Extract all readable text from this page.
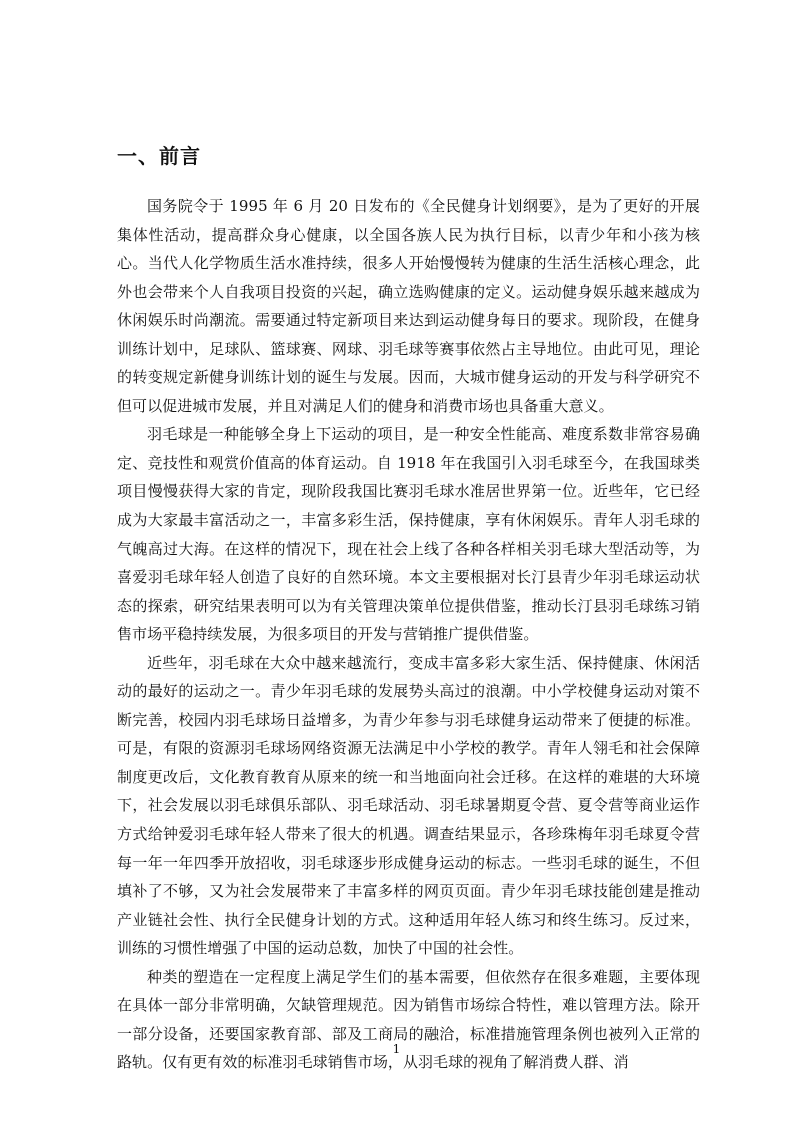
一、前言

国务院令于 1995 年 6 月 20 日发布的《全民健身计划纲要》，是为了更好的开展集体性活动，提高群众身心健康，以全国各族人民为执行目标，以青少年和小孩为核心。当代人化学物质生活水准持续，很多人开始慢慢转为健康的生活生活核心理念，此外也会带来个人自我项目投资的兴起，确立选购健康的定义。运动健身娱乐越来越成为休闲娱乐时尚潮流。需要通过特定新项目来达到运动健身每日的要求。现阶段，在健身训练计划中，足球队、篮球赛、网球、羽毛球等赛事依然占主导地位。由此可见，理论的转变规定新健身训练计划的诞生与发展。因而，大城市健身运动的开发与科学研究不但可以促进城市发展，并且对满足人们的健身和消费市场也具备重大意义。

羽毛球是一种能够全身上下运动的项目，是一种安全性能高、难度系数非常容易确定、竞技性和观赏价值高的体育运动。自 1918 年在我国引入羽毛球至今，在我国球类项目慢慢获得大家的肯定，现阶段我国比赛羽毛球水准居世界第一位。近些年，它已经成为大家最丰富活动之一，丰富多彩生活，保持健康，享有休闲娱乐。青年人羽毛球的气魄高过大海。在这样的情况下，现在社会上线了各种各样相关羽毛球大型活动等，为喜爱羽毛球年轻人创造了良好的自然环境。本文主要根据对长汀县青少年羽毛球运动状态的探索，研究结果表明可以为有关管理决策单位提供借鉴，推动长汀县羽毛球练习销售市场平稳持续发展，为很多项目的开发与营销推广提供借鉴。

近些年，羽毛球在大众中越来越流行，变成丰富多彩大家生活、保持健康、休闲活动的最好的运动之一。青少年羽毛球的发展势头高过的浪潮。中小学校健身运动对策不断完善，校园内羽毛球场日益增多，为青少年参与羽毛球健身运动带来了便捷的标准。可是，有限的资源羽毛球场网络资源无法满足中小学校的教学。青年人翎毛和社会保障制度更改后，文化教育教育从原来的统一和当地面向社会迁移。在这样的难堪的大环境下，社会发展以羽毛球俱乐部队、羽毛球活动、羽毛球暑期夏令营、夏令营等商业运作方式给钟爱羽毛球年轻人带来了很大的机遇。调查结果显示，各珍珠梅年羽毛球夏令营每一年一年四季开放招收，羽毛球逐步形成健身运动的标志。一些羽毛球的诞生，不但填补了不够，又为社会发展带来了丰富多样的网页页面。青少年羽毛球技能创建是推动产业链社会性、执行全民健身计划的方式。这种适用年轻人练习和终生练习。反过来，训练的习惯性增强了中国的运动总数，加快了中国的社会性。

种类的塑造在一定程度上满足学生们的基本需要，但依然存在很多难题，主要体现在具体一部分非常明确，欠缺管理规范。因为销售市场综合特性，难以管理方法。除开一部分设备，还要国家教育部、部及工商局的融洽，标准措施管理条例也被列入正常的路轨。仅有更有效的标准羽毛球销售市场，从羽毛球的视角了解消费人群、消

1
